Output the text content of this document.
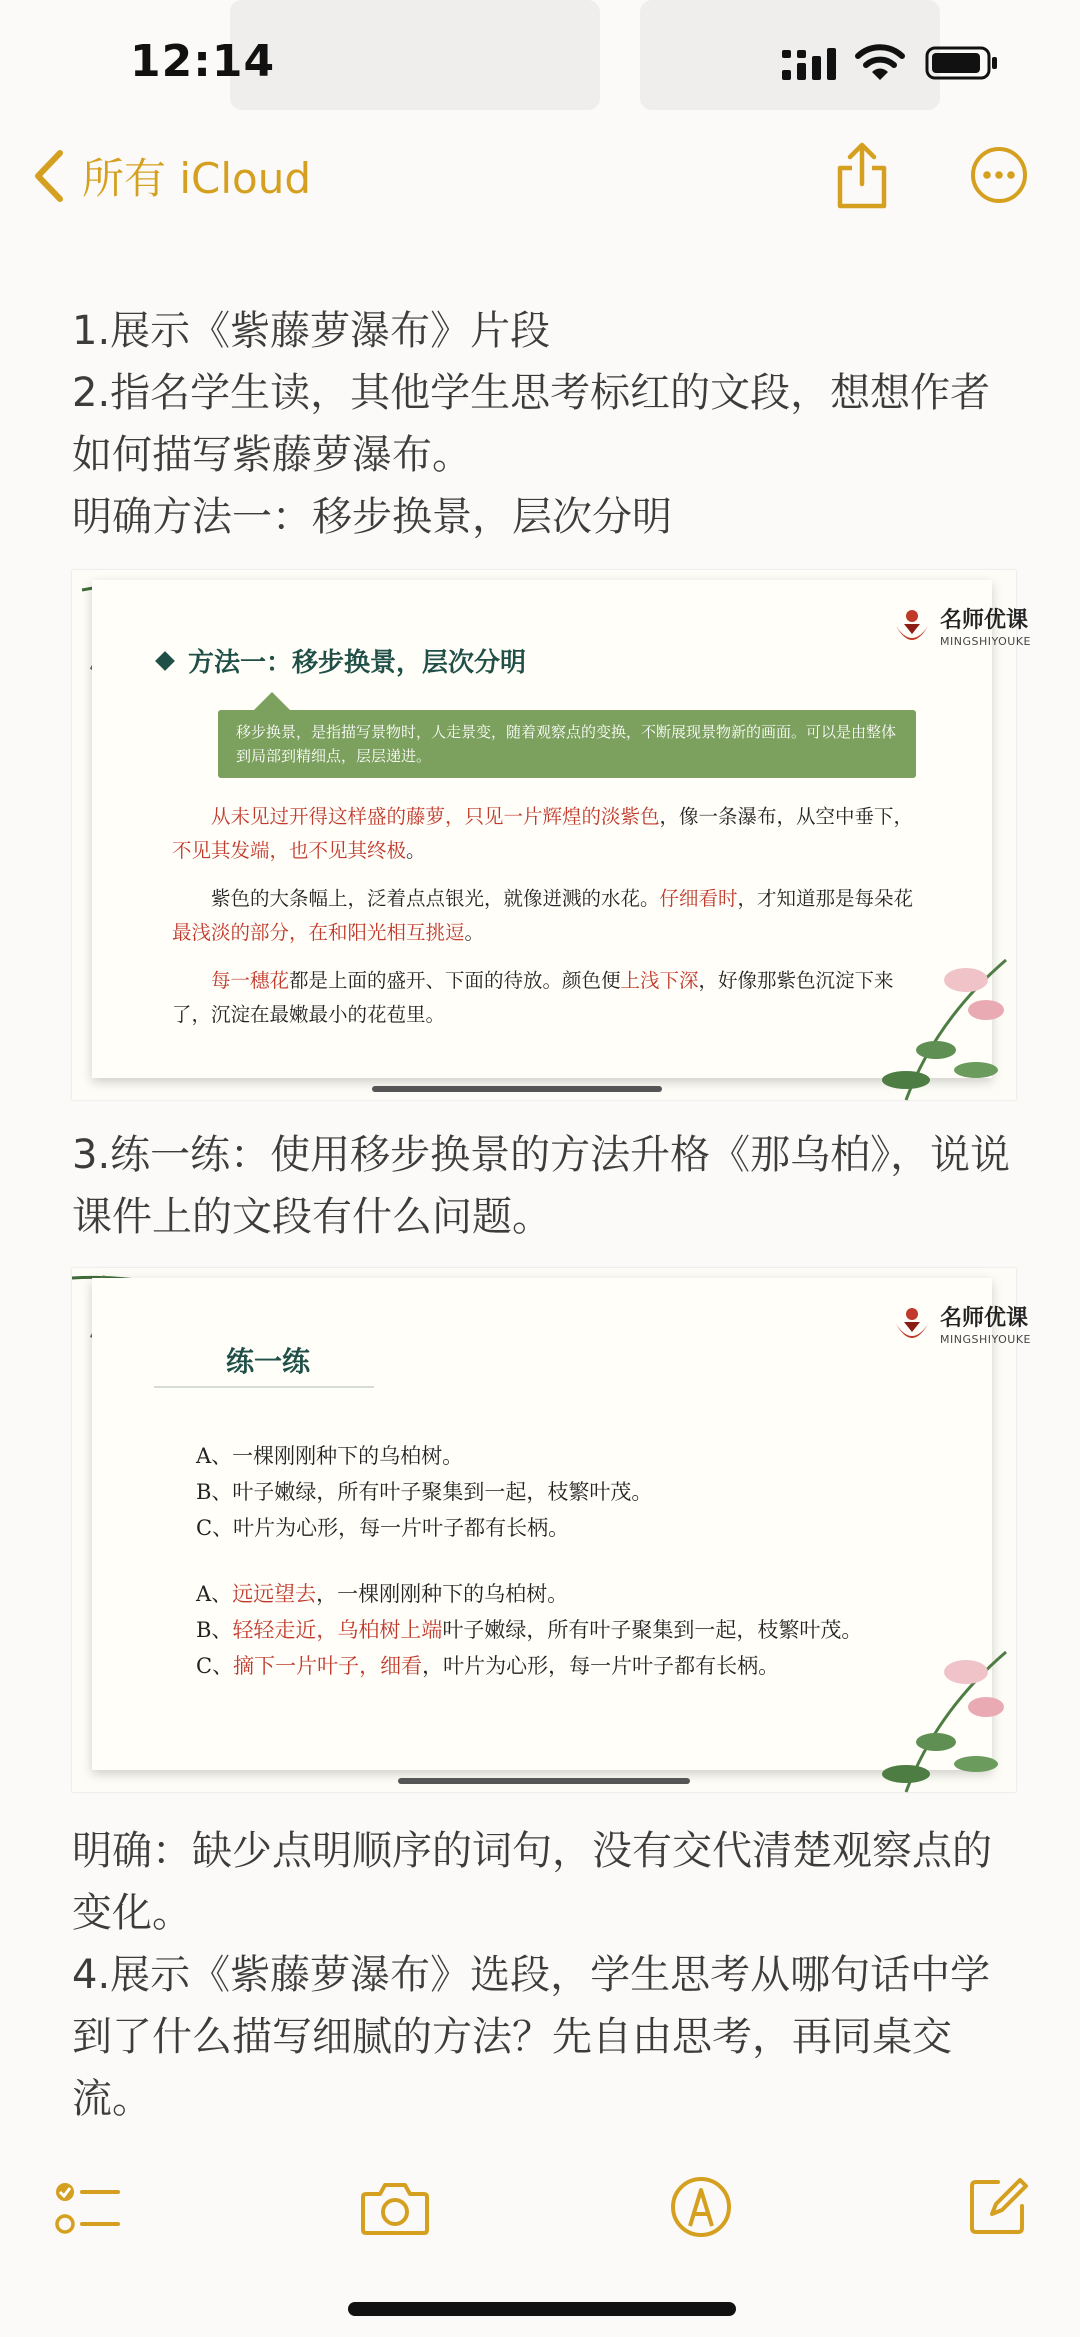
12:14
所有 iCloud

1.展示《紫藤萝瀑布》片段

2.指名学生读，其他学生思考标红的文段，想想作者如何描写紫藤萝瀑布。

明确方法一：移步换景，层次分明

名师优课
MINGSHIYOUKE
方法一：移步换景，层次分明
移步换景，是指描写景物时，人走景变，随着观察点的变换，不断展现景物新的画面。可以是由整体到局部到精细点，层层递进。

从未见过开得这样盛的藤萝，只见一片辉煌的淡紫色，像一条瀑布，从空中垂下，不见其发端，也不见其终极。

紫色的大条幅上，泛着点点银光，就像迸溅的水花。仔细看时，才知道那是每朵花最浅淡的部分，在和阳光相互挑逗。

每一穗花都是上面的盛开、下面的待放。颜色便上浅下深，好像那紫色沉淀下来了，沉淀在最嫩最小的花苞里。

3.练一练：使用移步换景的方法升格《那乌柏》，说说课件上的文段有什么问题。

名师优课
MINGSHIYOUKE
练一练

A、一棵刚刚种下的乌柏树。

B、叶子嫩绿，所有叶子聚集到一起，枝繁叶茂。

C、叶片为心形，每一片叶子都有长柄。

A、远远望去，一棵刚刚种下的乌柏树。

B、轻轻走近，乌柏树上端叶子嫩绿，所有叶子聚集到一起，枝繁叶茂。

C、摘下一片叶子，细看，叶片为心形，每一片叶子都有长柄。

明确：缺少点明顺序的词句，没有交代清楚观察点的变化。

4.展示《紫藤萝瀑布》选段，学生思考从哪句话中学到了什么描写细腻的方法？先自由思考，再同桌交流。
